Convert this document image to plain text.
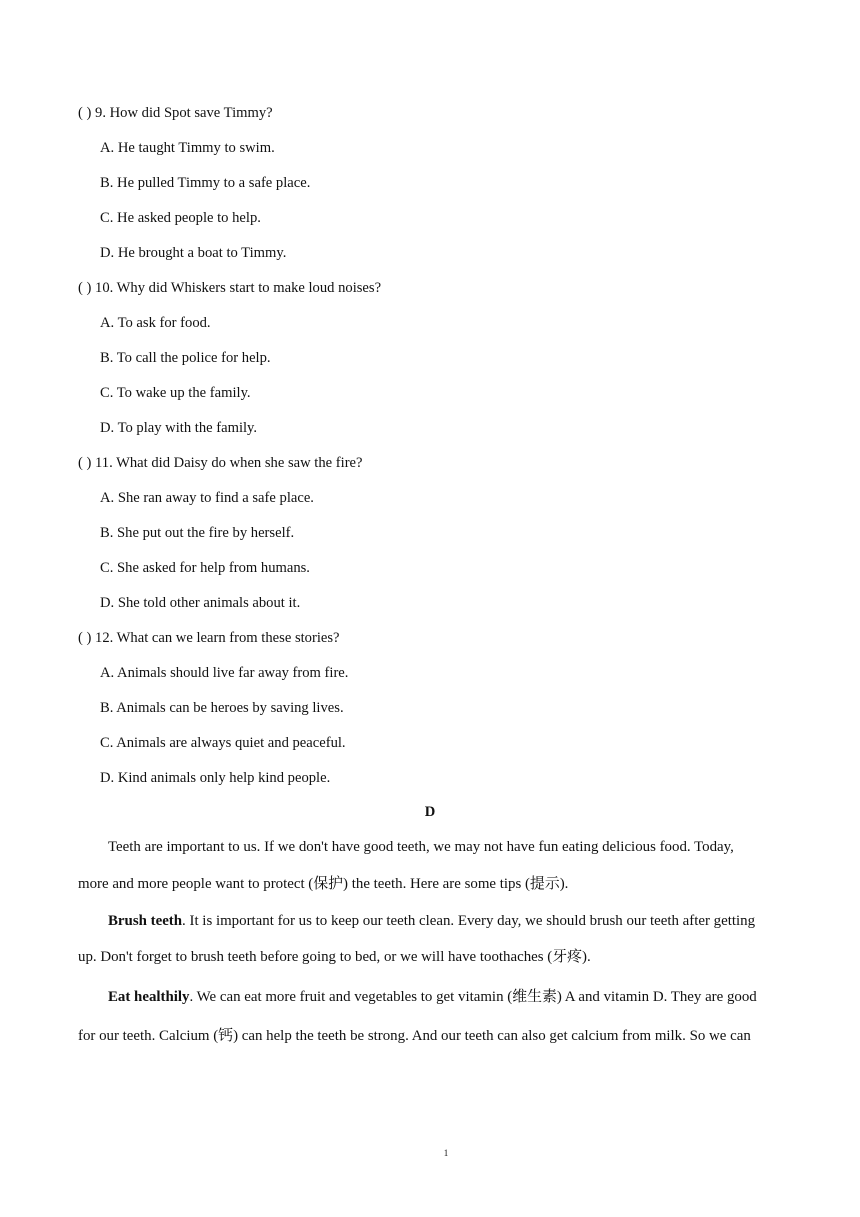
( ) 9. How did Spot save Timmy?
A. He taught Timmy to swim.
B. He pulled Timmy to a safe place.
C. He asked people to help.
D. He brought a boat to Timmy.
( ) 10. Why did Whiskers start to make loud noises?
A. To ask for food.
B. To call the police for help.
C. To wake up the family.
D. To play with the family.
( ) 11. What did Daisy do when she saw the fire?
A. She ran away to find a safe place.
B. She put out the fire by herself.
C. She asked for help from humans.
D. She told other animals about it.
( ) 12. What can we learn from these stories?
A. Animals should live far away from fire.
B. Animals can be heroes by saving lives.
C. Animals are always quiet and peaceful.
D. Kind animals only help kind people.
D
Teeth are important to us. If we don't have good teeth, we may not have fun eating delicious food. Today,
more and more people want to protect (保护) the teeth. Here are some tips (提示).
Brush teeth. It is important for us to keep our teeth clean. Every day, we should brush our teeth after getting
up. Don't forget to brush teeth before going to bed, or we will have toothaches (牙疼).
Eat healthily. We can eat more fruit and vegetables to get vitamin (维生素) A and vitamin D. They are good
for our teeth. Calcium (钙) can help the teeth be strong. And our teeth can also get calcium from milk. So we can
1
